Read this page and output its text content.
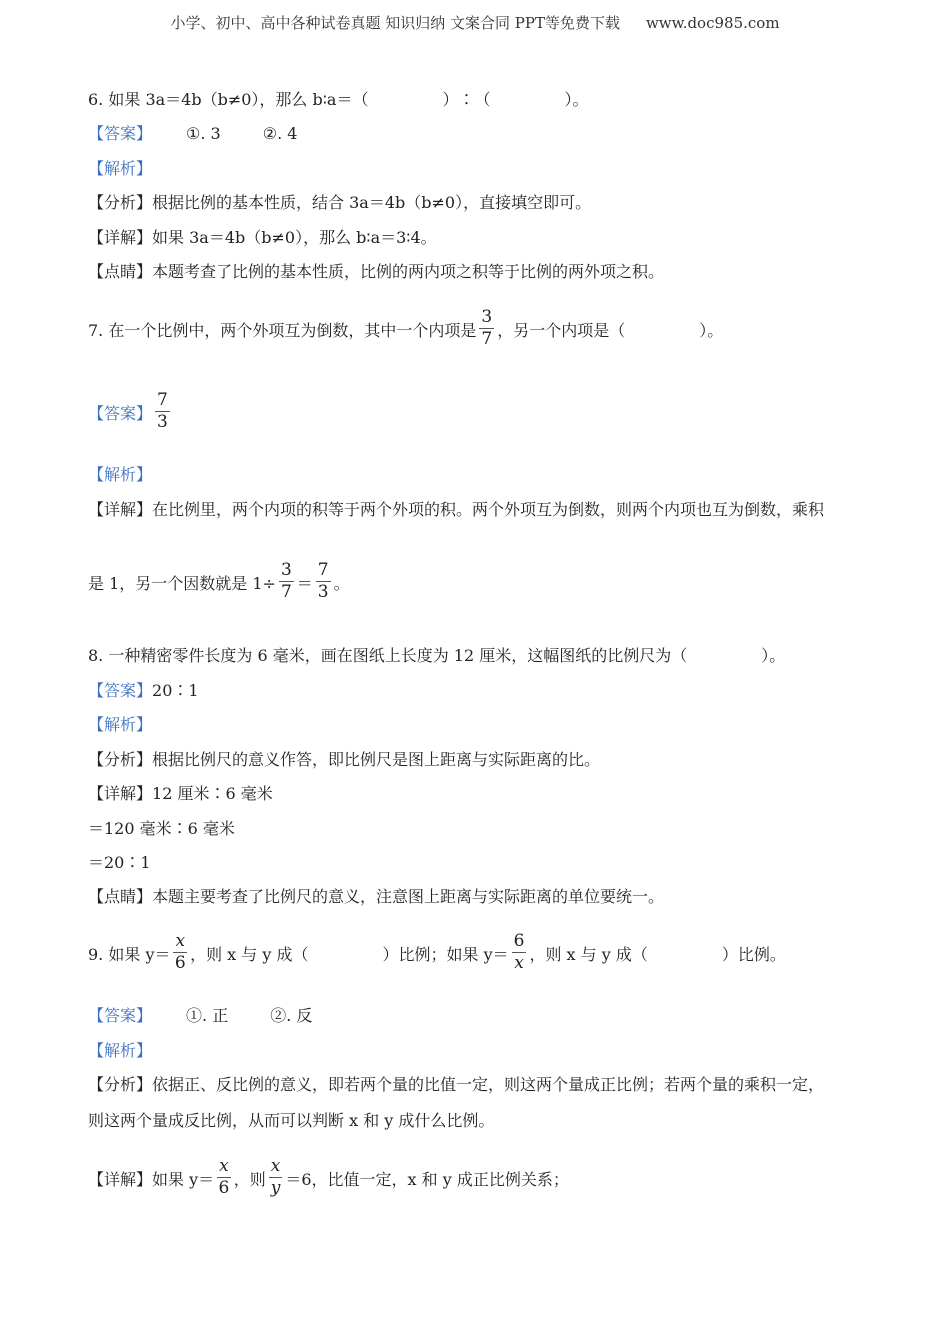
小学、初中、高中各种试卷真题 知识归纳 文案合同 PPT等免费下载 www.doc985.com
6. 如果 3a＝4b（b≠0），那么 b∶a＝（	）∶（	）。
【答案】 ①. 3	②. 4
【解析】
【分析】根据比例的基本性质，结合 3a＝4b（b≠0），直接填空即可。
【详解】如果 3a＝4b（b≠0），那么 b∶a＝3∶4。
【点睛】本题考查了比例的基本性质，比例的两内项之积等于比例的两外项之积。
7. 在一个比例中，两个外项互为倒数，其中一个内项是 $\frac{3}{7}$ ，另一个内项是（	）。
【答案】 $\frac{7}{3}$
【解析】
【详解】在比例里，两个内项的积等于两个外项的积。两个外项互为倒数，则两个内项也互为倒数，乘积
是 1，另一个因数就是 $1\div \frac{3}{7} = \frac{7}{3}$ 。
8. 一种精密零件长度为 6 毫米，画在图纸上长度为 12 厘米，这幅图纸的比例尺为（	）。
【答案】20∶1
【解析】
【分析】根据比例尺的意义作答，即比例尺是图上距离与实际距离的比。
【详解】12 厘米∶6 毫米
＝120 毫米∶6 毫米
＝20∶1
【点睛】本题主要考查了比例尺的意义，注意图上距离与实际距离的单位要统一。
9. 如果 $y= \frac{x}{6}$ ，则 x 与 y 成（	）比例；如果 $y= \frac{6}{x}$ ，则 x 与 y 成（	）比例。
【答案】 ①. 正	②. 反
【解析】
【分析】依据正、反比例的意义，即若两个量的比值一定，则这两个量成正比例；若两个量的乘积一定，
则这两个量成反比例，从而可以判断 x 和 y 成什么比例。
【详解】如果 $y= \frac{x}{6}$ ，则 $\frac{x}{y} =6$，比值一定，x 和 y 成正比例关系；
